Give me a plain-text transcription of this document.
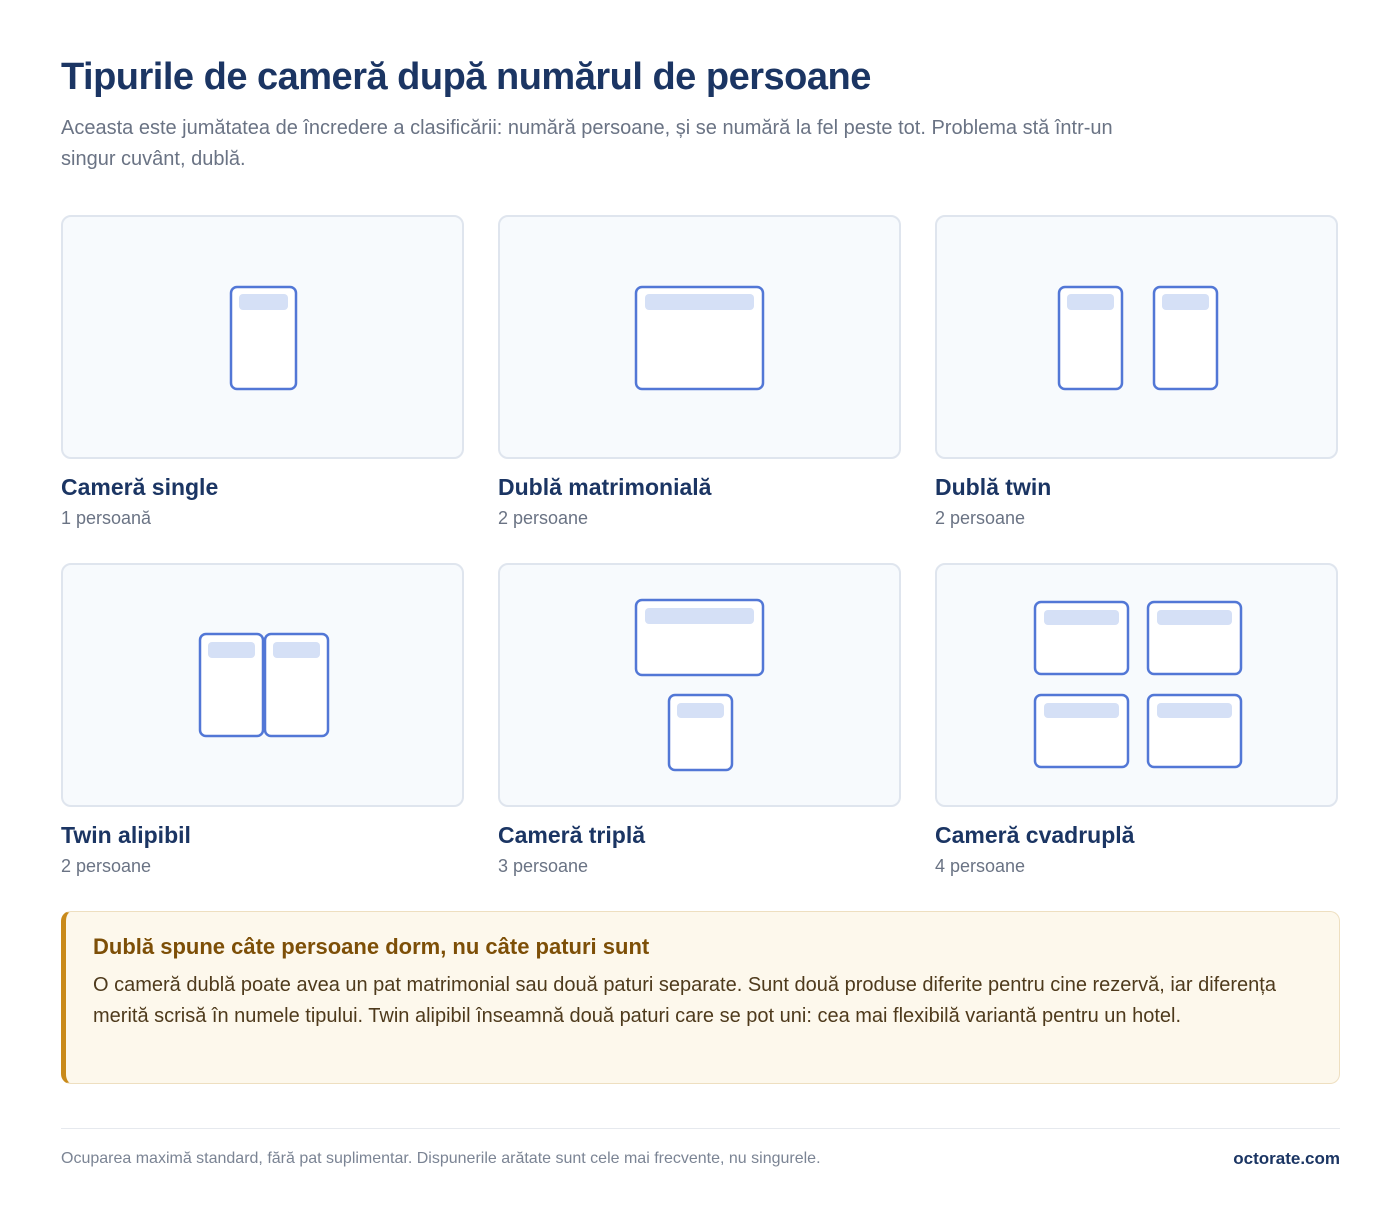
Tipurile de cameră după numărul de persoane

Aceasta este jumătatea de încredere a clasificării: numără persoane, și se numără la fel peste tot. Problema stă într-un singur cuvânt, dublă.

Cameră single
1 persoană
Dublă matrimonială
2 persoane
Dublă twin
2 persoane
Twin alipibil
2 persoane
Cameră triplă
3 persoane
Cameră cvadruplă
4 persoane
Dublă spune câte persoane dorm, nu câte paturi sunt

O cameră dublă poate avea un pat matrimonial sau două paturi separate. Sunt două produse diferite pentru cine rezervă, iar diferența merită scrisă în numele tipului. Twin alipibil înseamnă două paturi care se pot uni: cea mai flexibilă variantă pentru un hotel.

Ocuparea maximă standard, fără pat suplimentar. Dispunerile arătate sunt cele mai frecvente, nu singurele.	octorate.com
